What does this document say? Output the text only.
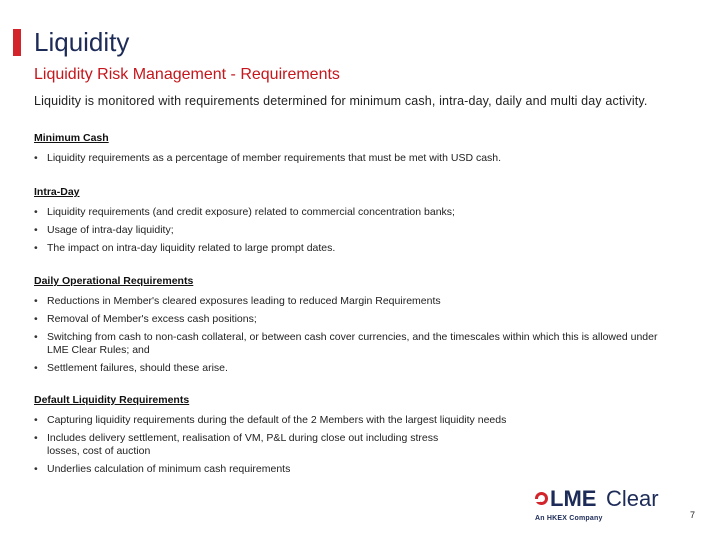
Liquidity
Liquidity Risk Management - Requirements
Liquidity is monitored with requirements determined for minimum cash, intra-day, daily and multi day activity.
Minimum Cash
• Liquidity requirements as a percentage of member requirements that must be met with USD cash.
Intra-Day
• Liquidity requirements (and credit exposure) related to commercial concentration banks;
• Usage of intra-day liquidity;
• The impact on intra-day liquidity related to large prompt dates.
Daily Operational Requirements
• Reductions in Member's cleared exposures leading to reduced Margin Requirements
• Removal of Member's excess cash positions;
• Switching from cash to non-cash collateral, or between cash cover currencies, and the timescales within which this is allowed under LME Clear Rules; and
• Settlement failures, should these arise.
Default Liquidity Requirements
• Capturing liquidity requirements during the default of the 2 Members with the largest liquidity needs
• Includes delivery settlement, realisation of VM, P&L during close out including stress losses, cost of auction
• Underlies calculation of minimum cash requirements
LME Clear
An HKEX Company	7
